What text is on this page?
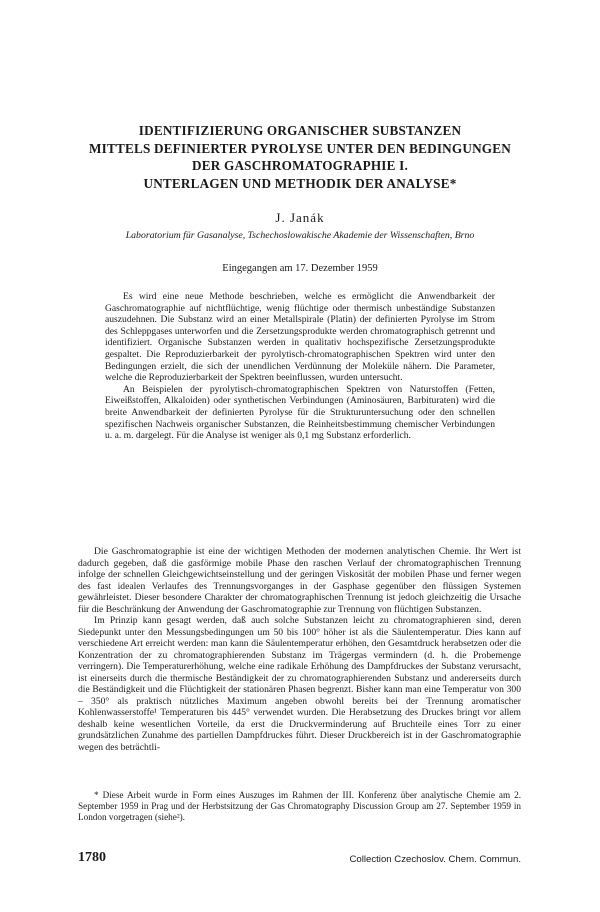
IDENTIFIZIERUNG ORGANISCHER SUBSTANZEN
MITTELS DEFINIERTER PYROLYSE UNTER DEN BEDINGUNGEN
DER GASCHROMATOGRAPHIE I.
UNTERLAGEN UND METHODIK DER ANALYSE*
J. Janák
Laboratorium für Gasanalyse, Tschechoslowakische Akademie der Wissenschaften, Brno
Eingegangen am 17. Dezember 1959

Es wird eine neue Methode beschrieben, welche es ermöglicht die Anwendbarkeit der Gaschromatographie auf nichtflüchtige, wenig flüchtige oder thermisch unbeständige Substanzen auszudehnen. Die Substanz wird an einer Metallspirale (Platin) der definierten Pyrolyse im Strom des Schleppgases unterworfen und die Zersetzungsprodukte werden chromatographisch getrennt und identifiziert. Organische Substanzen werden in qualitativ hochspezifische Zersetzungsprodukte gespaltet. Die Reproduzierbarkeit der pyrolytisch-chromatographischen Spektren wird unter den Bedingungen erzielt, die sich der unendlichen Verdünnung der Moleküle nähern. Die Parameter, welche die Reproduzierbarkeit der Spektren beeinflussen, wurden untersucht.

An Beispielen der pyrolytisch-chromatographischen Spektren von Naturstoffen (Fetten, Eiweißstoffen, Alkaloiden) oder synthetischen Verbindungen (Aminosäuren, Barbituraten) wird die breite Anwendbarkeit der definierten Pyrolyse für die Strukturuntersuchung oder den schnellen spezifischen Nachweis organischer Substanzen, die Reinheitsbestimmung chemischer Verbindungen u. a. m. dargelegt. Für die Analyse ist weniger als 0,1 mg Substanz erforderlich.

Die Gaschromatographie ist eine der wichtigen Methoden der modernen analytischen Chemie. Ihr Wert ist dadurch gegeben, daß die gasförmige mobile Phase den raschen Verlauf der chromatographischen Trennung infolge der schnellen Gleichgewichtseinstellung und der geringen Viskosität der mobilen Phase und ferner wegen des fast idealen Verlaufes des Trennungsvorganges in der Gasphase gegenüber den flüssigen Systemen gewährleistet. Dieser besondere Charakter der chromatographischen Trennung ist jedoch gleichzeitig die Ursache für die Beschränkung der Anwendung der Gaschromatographie zur Trennung von flüchtigen Substanzen.

Im Prinzip kann gesagt werden, daß auch solche Substanzen leicht zu chromatographieren sind, deren Siedepunkt unter den Messungsbedingungen um 50 bis 100° höher ist als die Säulentemperatur. Dies kann auf verschiedene Art erreicht werden: man kann die Säulentemperatur erhöhen, den Gesamtdruck herabsetzen oder die Konzentration der zu chromatographierenden Substanz im Trägergas vermindern (d. h. die Probemenge verringern). Die Temperaturerhöhung, welche eine radikale Erhöhung des Dampfdruckes der Substanz verursacht, ist einerseits durch die thermische Beständigkeit der zu chromatographierenden Substanz und andererseits durch die Beständigkeit und die Flüchtigkeit der stationären Phasen begrenzt. Bisher kann man eine Temperatur von 300 – 350° als praktisch nützliches Maximum angeben obwohl bereits bei der Trennung aromatischer Kohlenwasserstoffe¹ Temperaturen bis 445° verwendet wurden. Die Herabsetzung des Druckes bringt vor allem deshalb keine wesentlichen Vorteile, da erst die Druckverminderung auf Bruchteile eines Torr zu einer grundsätzlichen Zunahme des partiellen Dampfdruckes führt. Dieser Druckbereich ist in der Gaschromatographie wegen des beträchtli-

* Diese Arbeit wurde in Form eines Auszuges im Rahmen der III. Konferenz über analytische Chemie am 2. September 1959 in Prag und der Herbstsitzung der Gas Chromatography Discussion Group am 27. September 1959 in London vorgetragen (siehe²).

1780	Collection Czechoslov. Chem. Commun.
